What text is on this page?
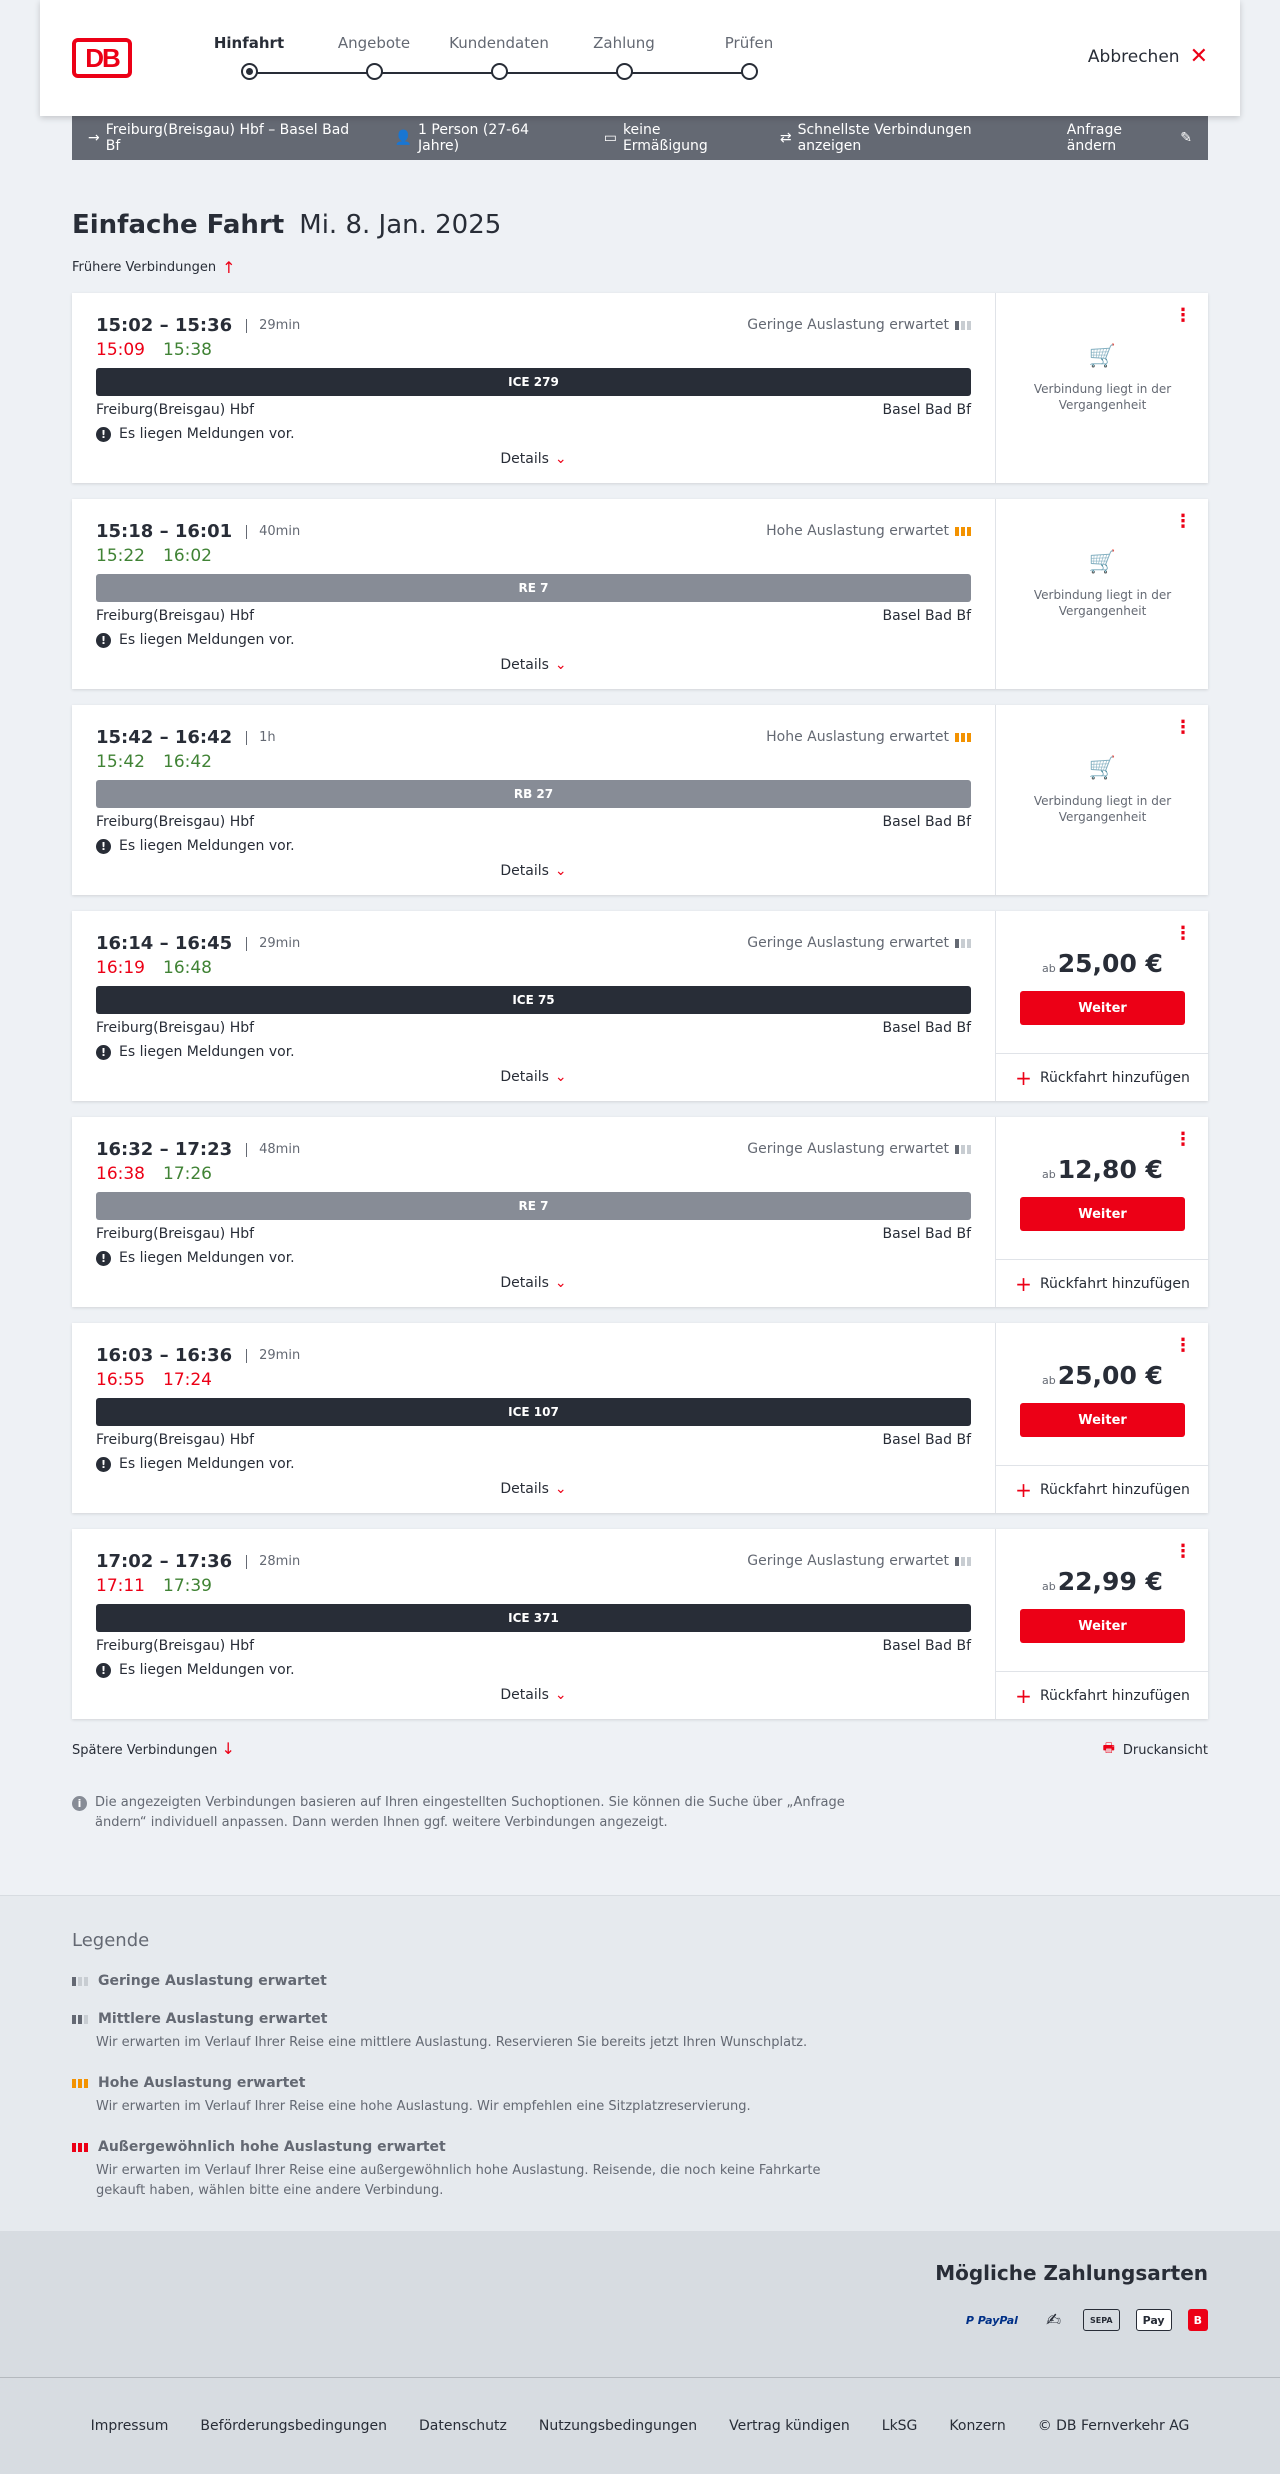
DB	Hinfahrt	Angebote	Kundendaten	Zahlung	Prüfen
Abbrechen ✕
→ Freiburg(Breisgau) Hbf – Basel Bad Bf	👤 1 Person (27-64 Jahre)	▭ keine Ermäßigung	⇄ Schnellste Verbindungen anzeigen
Anfrage ändern	✎
Einfache Fahrt Mi. 8. Jan. 2025
Frühere Verbindungen ↑
15:02 – 15:36	29min
15:09 15:38
ICE 279
Freiburg(Breisgau) Hbf	Basel Bad Bf
! Es liegen Meldungen vor.
Geringe Auslastung erwartet
Details ⌄
⋮
🛒
Verbindung liegt in der Vergangenheit
15:18 – 16:01	40min
15:22 16:02
RE 7
Freiburg(Breisgau) Hbf	Basel Bad Bf
! Es liegen Meldungen vor.
Hohe Auslastung erwartet
Details ⌄
⋮
🛒
Verbindung liegt in der Vergangenheit
15:42 – 16:42	1h
15:42 16:42
RB 27
Freiburg(Breisgau) Hbf	Basel Bad Bf
! Es liegen Meldungen vor.
Hohe Auslastung erwartet
Details ⌄
⋮
🛒
Verbindung liegt in der Vergangenheit
16:14 – 16:45	29min
16:19 16:48
ICE 75
Freiburg(Breisgau) Hbf	Basel Bad Bf
! Es liegen Meldungen vor.
Geringe Auslastung erwartet
Details ⌄
⋮
ab25,00 €
Weiter
+ Rückfahrt hinzufügen
16:32 – 17:23	48min
16:38 17:26
RE 7
Freiburg(Breisgau) Hbf	Basel Bad Bf
! Es liegen Meldungen vor.
Geringe Auslastung erwartet
Details ⌄
⋮
ab12,80 €
Weiter
+ Rückfahrt hinzufügen
16:03 – 16:36	29min
16:55 17:24
ICE 107
Freiburg(Breisgau) Hbf	Basel Bad Bf
! Es liegen Meldungen vor.
Details ⌄
⋮
ab25,00 €
Weiter
+ Rückfahrt hinzufügen
17:02 – 17:36	28min
17:11 17:39
ICE 371
Freiburg(Breisgau) Hbf	Basel Bad Bf
! Es liegen Meldungen vor.
Geringe Auslastung erwartet
Details ⌄
⋮
ab22,99 €
Weiter
+ Rückfahrt hinzufügen
Spätere Verbindungen ↓	🖶 Druckansicht
i	Die angezeigten Verbindungen basieren auf Ihren eingestellten Suchoptionen. Sie können die Suche über „Anfrage ändern“ individuell anpassen. Dann werden Ihnen ggf. weitere Verbindungen angezeigt.
Legende
Geringe Auslastung erwartet
Mittlere Auslastung erwartet
Wir erwarten im Verlauf Ihrer Reise eine mittlere Auslastung. Reservieren Sie bereits jetzt Ihren Wunschplatz.
Hohe Auslastung erwartet
Wir erwarten im Verlauf Ihrer Reise eine hohe Auslastung. Wir empfehlen eine Sitzplatzreservierung.
Außergewöhnlich hohe Auslastung erwartet
Wir erwarten im Verlauf Ihrer Reise eine außergewöhnlich hohe Auslastung. Reisende, die noch keine Fahrkarte gekauft haben, wählen bitte eine andere Verbindung.
Mögliche Zahlungsarten
P PayPal	✍	SEPA	Pay	B
Impressum Beförderungsbedingungen Datenschutz Nutzungsbedingungen Vertrag kündigen LkSG Konzern © DB Fernverkehr AG
